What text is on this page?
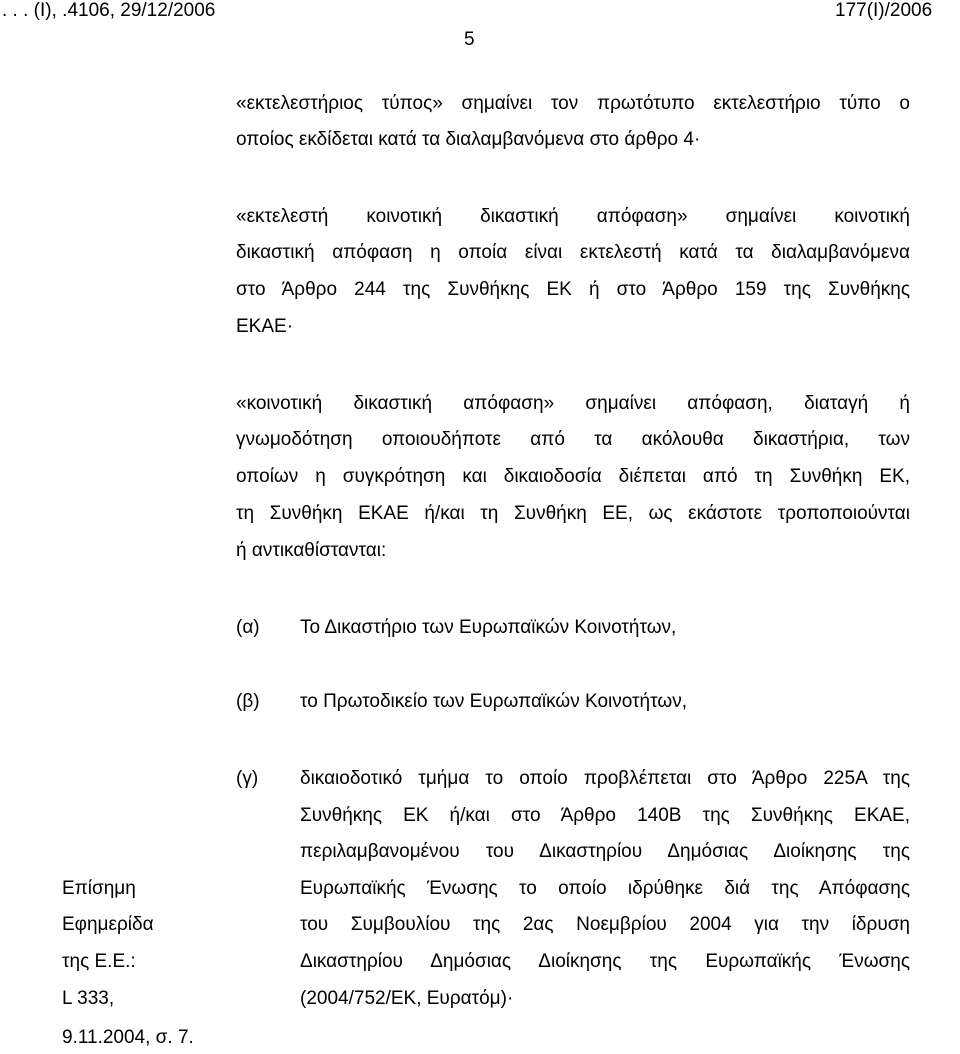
. . . (Ι), .4106, 29/12/2006	177(Ι)/2006
5
«εκτελεστήριος τύπος» σημαίνει τον πρωτότυπο εκτελεστήριο τύπο ο
οποίος εκδίδεται κατά τα διαλαμβανόμενα στο άρθρο 4·
«εκτελεστή κοινοτική δικαστική απόφαση» σημαίνει κοινοτική
δικαστική απόφαση η οποία είναι εκτελεστή κατά τα διαλαμβανόμενα
στο Άρθρο 244 της Συνθήκης ΕΚ ή στο Άρθρο 159 της Συνθήκης
ΕΚΑΕ·
«κοινοτική δικαστική απόφαση» σημαίνει απόφαση, διαταγή ή
γνωμοδότηση οποιουδήποτε από τα ακόλουθα δικαστήρια, των
οποίων η συγκρότηση και δικαιοδοσία διέπεται από τη Συνθήκη ΕΚ,
τη Συνθήκη ΕΚΑΕ ή/και τη Συνθήκη ΕΕ, ως εκάστοτε τροποποιούνται
ή αντικαθίστανται:
(α) Το Δικαστήριο των Ευρωπαϊκών Κοινοτήτων,
(β) το Πρωτοδικείο των Ευρωπαϊκών Κοινοτήτων,
(γ) δικαιοδοτικό τμήμα το οποίο προβλέπεται στο Άρθρο 225Α της
Συνθήκης ΕΚ ή/και στο Άρθρο 140Β της Συνθήκης ΕΚΑΕ,
περιλαμβανομένου του Δικαστηρίου Δημόσιας Διοίκησης της
Ευρωπαϊκής Ένωσης το οποίο ιδρύθηκε διά της Απόφασης
του Συμβουλίου της 2ας Νοεμβρίου 2004 για την ίδρυση
Δικαστηρίου Δημόσιας Διοίκησης της Ευρωπαϊκής Ένωσης
(2004/752/ΕΚ, Ευρατόμ)·
Επίσημη
Εφημερίδα
της Ε.Ε.:
L 333,
9.11.2004, σ. 7.
